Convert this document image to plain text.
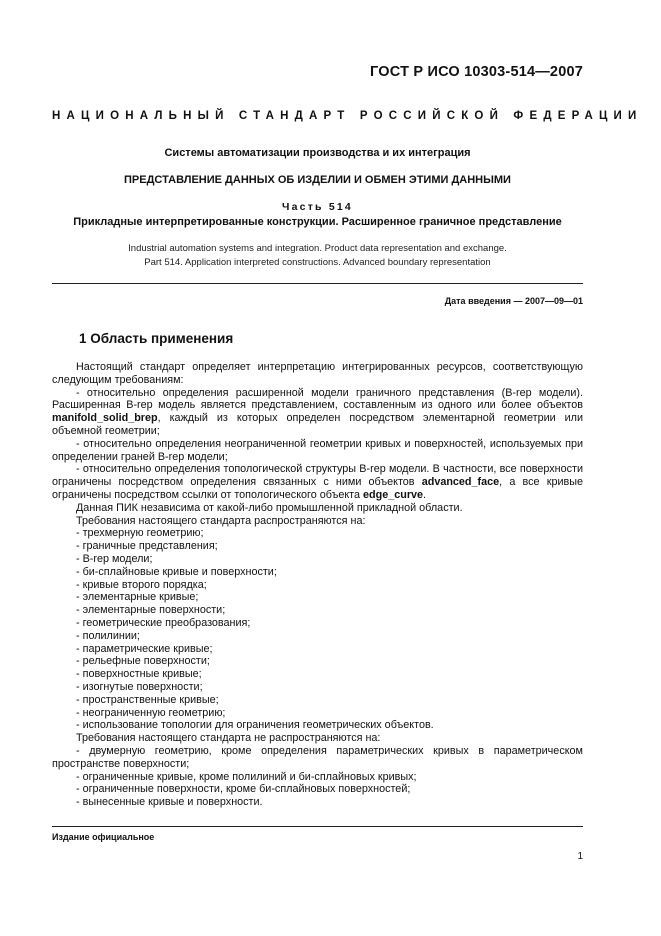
ГОСТ Р ИСО 10303-514—2007
НАЦИОНАЛЬНЫЙ СТАНДАРТ РОССИЙСКОЙ ФЕДЕРАЦИИ
Системы автоматизации производства и их интеграция
ПРЕДСТАВЛЕНИЕ ДАННЫХ ОБ ИЗДЕЛИИ И ОБМЕН ЭТИМИ ДАННЫМИ
Часть 514
Прикладные интерпретированные конструкции. Расширенное граничное представление
Industrial automation systems and integration. Product data representation and exchange.
Part 514. Application interpreted constructions. Advanced boundary representation
Дата введения — 2007—09—01
1 Область применения

Настоящий стандарт определяет интерпретацию интегрированных ресурсов, соответствующую следующим требованиям:

- относительно определения расширенной модели граничного представления (B-rep модели). Расширенная B-rep модель является представлением, составленным из одного или более объектов manifold_solid_brep, каждый из которых определен посредством элементарной геометрии или объемной геометрии;

- относительно определения неограниченной геометрии кривых и поверхностей, используемых при определении граней B-rep модели;

- относительно определения топологической структуры B-rep модели. В частности, все поверхности ограничены посредством определения связанных с ними объектов advanced_face, а все кривые ограничены посредством ссылки от топологического объекта edge_curve.

Данная ПИК независима от какой-либо промышленной прикладной области.

Требования настоящего стандарта распространяются на:

- трехмерную геометрию;

- граничные представления;

- B-rep модели;

- би-сплайновые кривые и поверхности;

- кривые второго порядка;

- элементарные кривые;

- элементарные поверхности;

- геометрические преобразования;

- полилинии;

- параметрические кривые;

- рельефные поверхности;

- поверхностные кривые;

- изогнутые поверхности;

- пространственные кривые;

- неограниченную геометрию;

- использование топологии для ограничения геометрических объектов.

Требования настоящего стандарта не распространяются на:

- двумерную геометрию, кроме определения параметрических кривых в параметрическом пространстве поверхности;

- ограниченные кривые, кроме полилиний и би-сплайновых кривых;

- ограниченные поверхности, кроме би-сплайновых поверхностей;

- вынесенные кривые и поверхности.

Издание официальное
1
